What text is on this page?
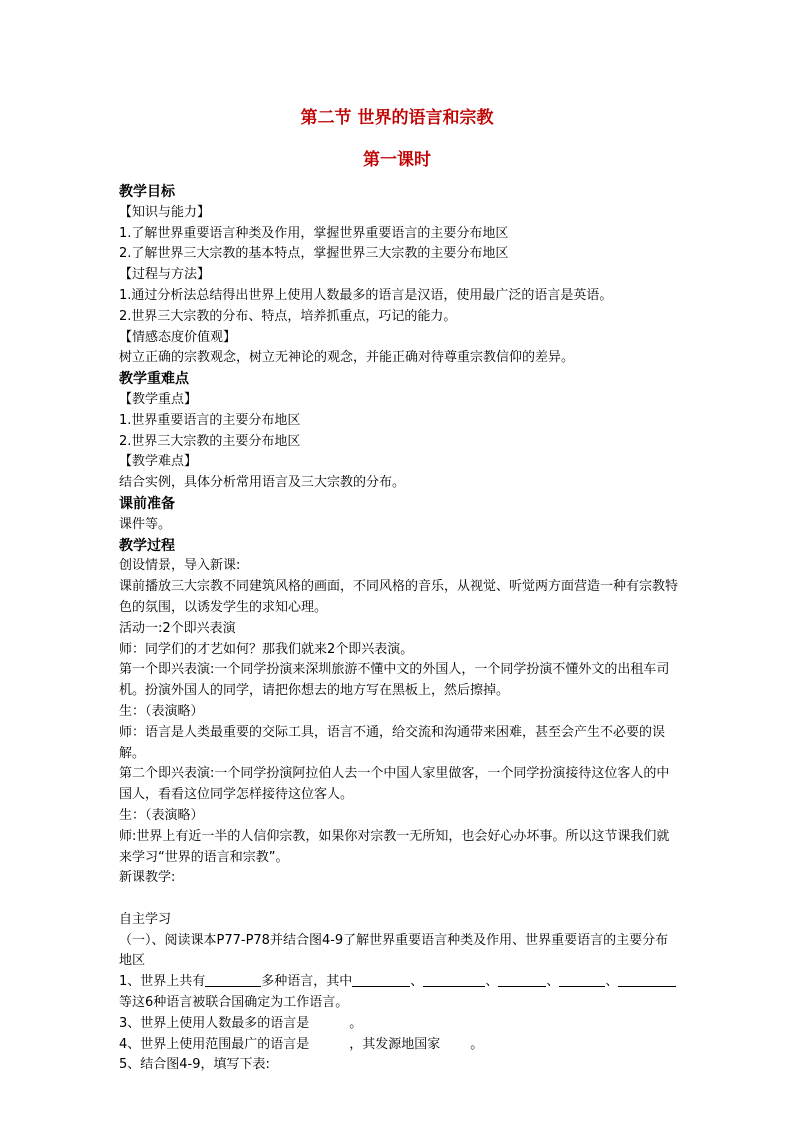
第二节 世界的语言和宗教
第一课时

教学目标

【知识与能力】

1.了解世界重要语言种类及作用，掌握世界重要语言的主要分布地区

2.了解世界三大宗教的基本特点，掌握世界三大宗教的主要分布地区

【过程与方法】

1.通过分析法总结得出世界上使用人数最多的语言是汉语，使用最广泛的语言是英语。

2.世界三大宗教的分布、特点，培养抓重点，巧记的能力。

【情感态度价值观】

树立正确的宗教观念，树立无神论的观念，并能正确对待尊重宗教信仰的差异。

教学重难点

【教学重点】

1.世界重要语言的主要分布地区

2.世界三大宗教的主要分布地区

【教学难点】

结合实例，具体分析常用语言及三大宗教的分布。

课前准备

课件等。

教学过程

创设情景，导入新课:

课前播放三大宗教不同建筑风格的画面，不同风格的音乐，从视觉、听觉两方面营造一种有宗教特色的氛围，以诱发学生的求知心理。

活动一:2个即兴表演

师：同学们的才艺如何？那我们就来2个即兴表演。

第一个即兴表演:一个同学扮演来深圳旅游不懂中文的外国人，一个同学扮演不懂外文的出租车司机。扮演外国人的同学，请把你想去的地方写在黑板上，然后擦掉。

生：（表演略）

师：语言是人类最重要的交际工具，语言不通，给交流和沟通带来困难，甚至会产生不必要的误解。

第二个即兴表演:一个同学扮演阿拉伯人去一个中国人家里做客，一个同学扮演接待这位客人的中国人，看看这位同学怎样接待这位客人。

生：（表演略）

师:世界上有近一半的人信仰宗教，如果你对宗教一无所知，也会好心办坏事。所以这节课我们就来学习“世界的语言和宗教”。

新课教学:

自主学习

（一）、阅读课本P77-P78并结合图4-9了解世界重要语言种类及作用、世界重要语言的主要分布地区

1、世界上共有	多种语言，其中	、	、	、	、

等这6种语言被联合国确定为工作语言。

3、世界上使用人数最多的语言是	。

4、世界上使用范围最广的语言是	，其发源地国家 。

5、结合图4-9，填写下表:
